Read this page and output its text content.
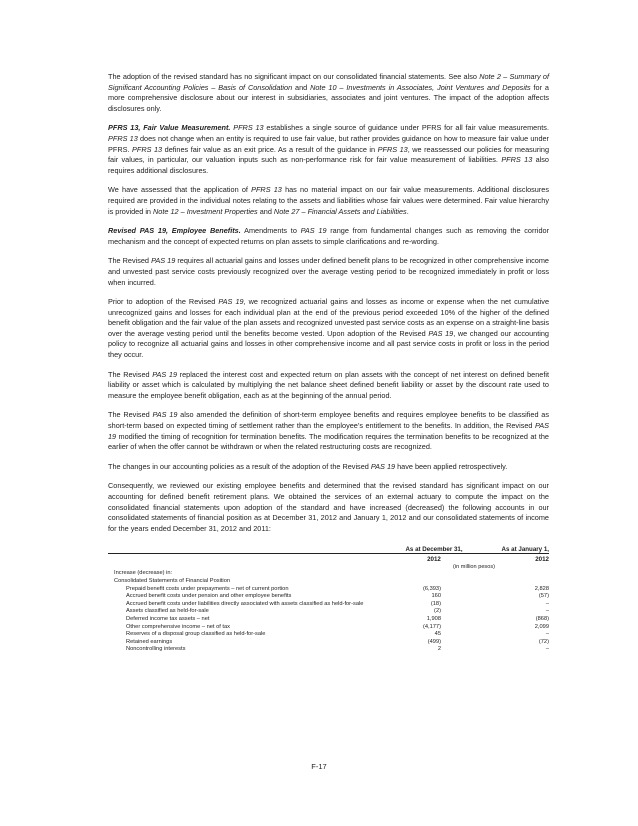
The adoption of the revised standard has no significant impact on our consolidated financial statements. See also Note 2 – Summary of Significant Accounting Policies – Basis of Consolidation and Note 10 – Investments in Associates, Joint Ventures and Deposits for a more comprehensive disclosure about our interest in subsidiaries, associates and joint ventures. The impact of the adoption affects disclosures only.

PFRS 13, Fair Value Measurement. PFRS 13 establishes a single source of guidance under PFRS for all fair value measurements. PFRS 13 does not change when an entity is required to use fair value, but rather provides guidance on how to measure fair value under PFRS. PFRS 13 defines fair value as an exit price. As a result of the guidance in PFRS 13, we reassessed our policies for measuring fair values, in particular, our valuation inputs such as non-performance risk for fair value measurement of liabilities. PFRS 13 also requires additional disclosures.

We have assessed that the application of PFRS 13 has no material impact on our fair value measurements. Additional disclosures required are provided in the individual notes relating to the assets and liabilities whose fair values were determined. Fair value hierarchy is provided in Note 12 – Investment Properties and Note 27 – Financial Assets and Liabilities.

Revised PAS 19, Employee Benefits. Amendments to PAS 19 range from fundamental changes such as removing the corridor mechanism and the concept of expected returns on plan assets to simple clarifications and re-wording.

The Revised PAS 19 requires all actuarial gains and losses under defined benefit plans to be recognized in other comprehensive income and unvested past service costs previously recognized over the average vesting period to be recognized immediately in profit or loss when incurred.

Prior to adoption of the Revised PAS 19, we recognized actuarial gains and losses as income or expense when the net cumulative unrecognized gains and losses for each individual plan at the end of the previous period exceeded 10% of the higher of the defined benefit obligation and the fair value of the plan assets and recognized unvested past service costs as an expense on a straight-line basis over the average vesting period until the benefits become vested. Upon adoption of the Revised PAS 19, we changed our accounting policy to recognize all actuarial gains and losses in other comprehensive income and all past service costs in profit or loss in the period they occur.

The Revised PAS 19 replaced the interest cost and expected return on plan assets with the concept of net interest on defined benefit liability or asset which is calculated by multiplying the net balance sheet defined benefit liability or asset by the discount rate used to measure the employee benefit obligation, each as at the beginning of the annual period.

The Revised PAS 19 also amended the definition of short-term employee benefits and requires employee benefits to be classified as short-term based on expected timing of settlement rather than the employee’s entitlement to the benefits. In addition, the Revised PAS 19 modified the timing of recognition for termination benefits. The modification requires the termination benefits to be recognized at the earlier of when the offer cannot be withdrawn or when the related restructuring costs are recognized.

The changes in our accounting policies as a result of the adoption of the Revised PAS 19 have been applied retrospectively.

Consequently, we reviewed our existing employee benefits and determined that the revised standard has significant impact on our accounting for defined benefit retirement plans. We obtained the services of an external actuary to compute the impact on the consolidated financial statements upon adoption of the standard and have increased (decreased) the following accounts in our consolidated statements of financial position as at December 31, 2012 and January 1, 2012 and our consolidated statements of income for the years ended December 31, 2012 and 2011:

As at December 31,	As at January 1,
2012	2012
(in million pesos)
Increase (decrease) in:
Consolidated Statements of Financial Position
Prepaid benefit costs under prepayments – net of current portion	(6,393)	2,828
Accrued benefit costs under pension and other employee benefits	160	(57)
Accrued benefit costs under liabilities directly associated with assets classified as held-for-sale	(18)	–
Assets classified as held-for-sale	(2)	–
Deferred income tax assets – net	1,908	(868)
Other comprehensive income – net of tax	(4,177)	2,099
Reserves of a disposal group classified as held-for-sale	45	–
Retained earnings	(499)	(72)
Noncontrolling interests	2	–
F-17
